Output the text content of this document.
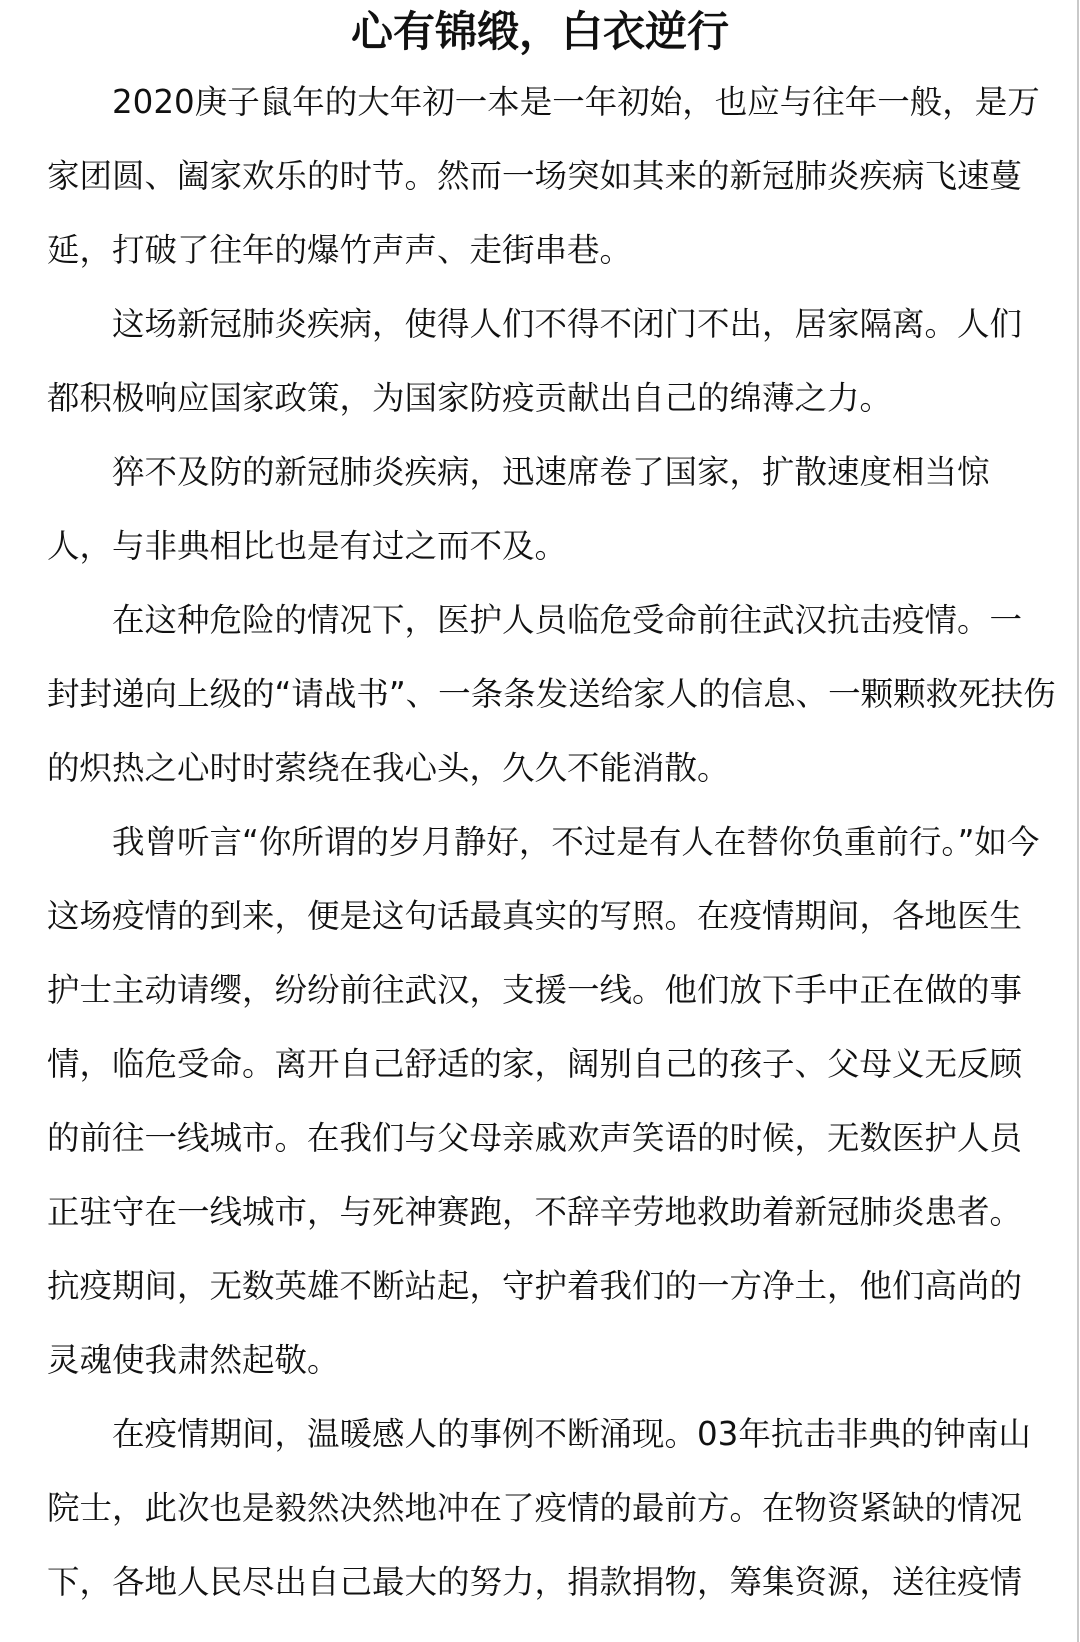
心有锦缎，白衣逆行
2020庚子鼠年的大年初一本是一年初始，也应与往年一般，是万
家团圆、阖家欢乐的时节。然而一场突如其来的新冠肺炎疾病飞速蔓
延，打破了往年的爆竹声声、走街串巷。
这场新冠肺炎疾病，使得人们不得不闭门不出，居家隔离。人们
都积极响应国家政策，为国家防疫贡献出自己的绵薄之力。
猝不及防的新冠肺炎疾病，迅速席卷了国家，扩散速度相当惊
人，与非典相比也是有过之而不及。
在这种危险的情况下，医护人员临危受命前往武汉抗击疫情。一
封封递向上级的“请战书”、一条条发送给家人的信息、一颗颗救死扶伤
的炽热之心时时萦绕在我心头，久久不能消散。
我曾听言“你所谓的岁月静好，不过是有人在替你负重前行。”如今
这场疫情的到来，便是这句话最真实的写照。在疫情期间，各地医生
护士主动请缨，纷纷前往武汉，支援一线。他们放下手中正在做的事
情，临危受命。离开自己舒适的家，阔别自己的孩子、父母义无反顾
的前往一线城市。在我们与父母亲戚欢声笑语的时候，无数医护人员
正驻守在一线城市，与死神赛跑，不辞辛劳地救助着新冠肺炎患者。
抗疫期间，无数英雄不断站起，守护着我们的一方净土，他们高尚的
灵魂使我肃然起敬。
在疫情期间，温暖感人的事例不断涌现。03年抗击非典的钟南山
院士，此次也是毅然决然地冲在了疫情的最前方。在物资紧缺的情况
下，各地人民尽出自己最大的努力，捐款捐物，筹集资源，送往疫情
